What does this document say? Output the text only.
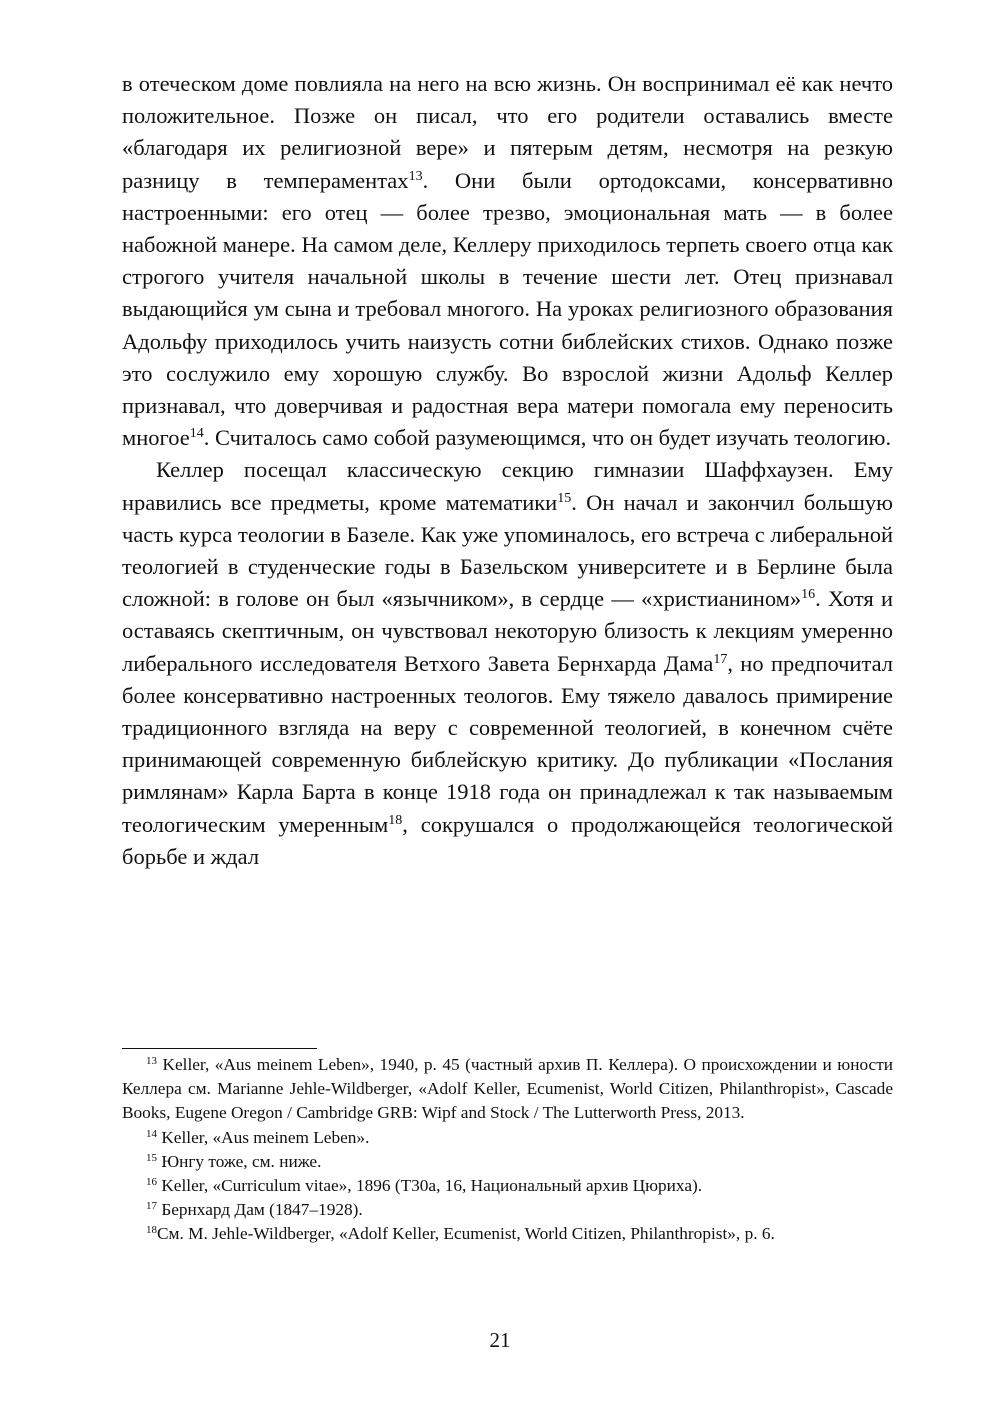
в отеческом доме повлияла на него на всю жизнь. Он воспринимал её как нечто положительное. Позже он писал, что его родители оставались вместе «благодаря их религиозной вере» и пятерым детям, несмотря на резкую разницу в темпераментах$^{13}$. Они были ортодоксами, консервативно настроенными: его отец — более трезво, эмоциональная мать — в более набожной манере. На самом деле, Келлеру приходилось терпеть своего отца как строгого учителя начальной школы в течение шести лет. Отец признавал выдающийся ум сына и требовал многого. На уроках религиозного образования Адольфу приходилось учить наизусть сотни библейских стихов. Однако позже это сослужило ему хорошую службу. Во взрослой жизни Адольф Келлер признавал, что доверчивая и радостная вера матери помогала ему переносить многое$^{14}$. Считалось само собой разумеющимся, что он будет изучать теологию.

Келлер посещал классическую секцию гимназии Шаффхаузен. Ему нравились все предметы, кроме математики$^{15}$. Он начал и закончил большую часть курса теологии в Базеле. Как уже упоминалось, его встреча с либеральной теологией в студенческие годы в Базельском университете и в Берлине была сложной: в голове он был «язычником», в сердце — «христианином»$^{16}$. Хотя и оставаясь скептичным, он чувствовал некоторую близость к лекциям умеренно либерального исследователя Ветхого Завета Бернхарда Дама$^{17}$, но предпочитал более консервативно настроенных теологов. Ему тяжело давалось примирение традиционного взгляда на веру с современной теологией, в конечном счёте принимающей современную библейскую критику. До публикации «Послания римлянам» Карла Барта в конце 1918 года он принадлежал к так называемым теологическим умеренным$^{18}$, сокрушался о продолжающейся теологической борьбе и ждал

$^{13}$ Keller, «Aus meinem Leben», 1940, p. 45 (частный архив П. Келлера). О происхождении и юности Келлера см. Marianne Jehle-Wildberger, «Adolf Keller, Ecumenist, World Citizen, Philanthropist», Cascade Books, Eugene Oregon / Cambridge GRB: Wipf and Stock / The Lutterworth Press, 2013.

$^{14}$ Keller, «Aus meinem Leben».

$^{15}$ Юнгу тоже, см. ниже.

$^{16}$ Keller, «Curriculum vitae», 1896 (T30a, 16, Национальный архив Цюриха).

$^{17}$ Бернхард Дам (1847–1928).

$^{18}$См. M. Jehle-Wildberger, «Adolf Keller, Ecumenist, World Citizen, Philanthropist», p. 6.

21
